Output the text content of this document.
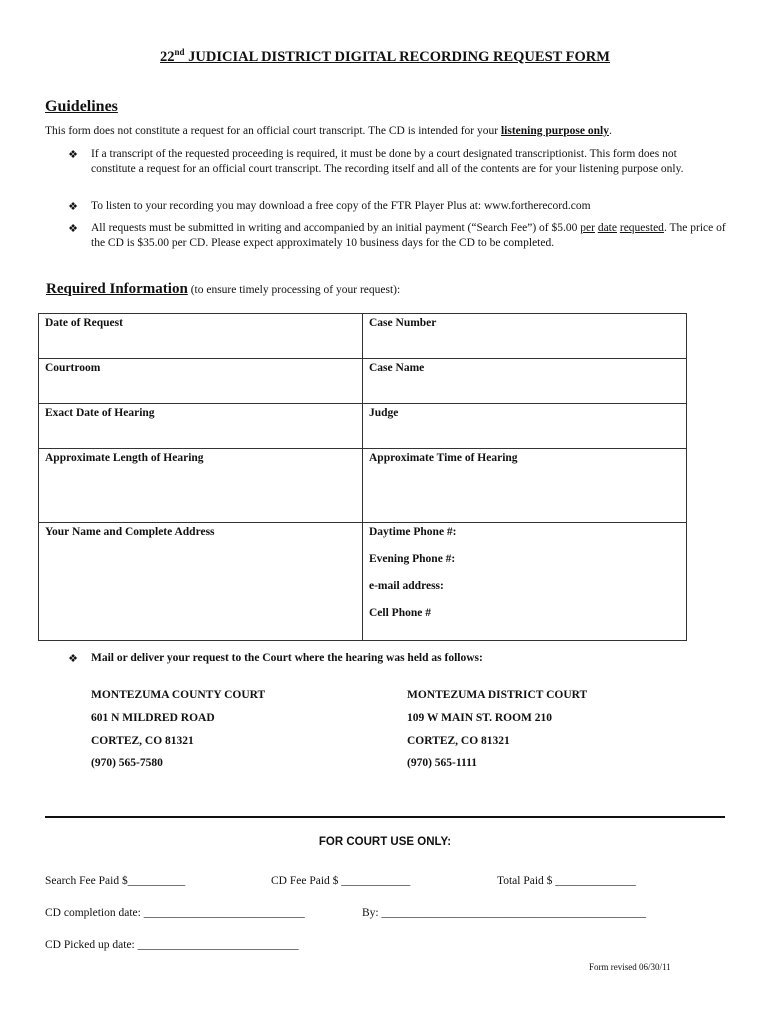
22nd JUDICIAL DISTRICT DIGITAL RECORDING REQUEST FORM
Guidelines
This form does not constitute a request for an official court transcript. The CD is intended for your listening purpose only.
❖ If a transcript of the requested proceeding is required, it must be done by a court designated transcriptionist. This form does not constitute a request for an official court transcript. The recording itself and all of the contents are for your listening purpose only.
❖ To listen to your recording you may download a free copy of the FTR Player Plus at: www.fortherecord.com
❖ All requests must be submitted in writing and accompanied by an initial payment (“Search Fee”) of $5.00 per date requested. The price of the CD is $35.00 per CD. Please expect approximately 10 business days for the CD to be completed.
Required Information (to ensure timely processing of your request):
Date of Request	Case Number
Courtroom	Case Name
Exact Date of Hearing	Judge
Approximate Length of Hearing	Approximate Time of Hearing
Your Name and Complete Address	Daytime Phone #:
Evening Phone #:
e-mail address:
Cell Phone #
❖ Mail or deliver your request to the Court where the hearing was held as follows:
MONTEZUMA COUNTY COURT
601 N MILDRED ROAD
CORTEZ, CO 81321
(970) 565-7580
MONTEZUMA DISTRICT COURT
109 W MAIN ST. ROOM 210
CORTEZ, CO 81321
(970) 565-1111
FOR COURT USE ONLY:
Search Fee Paid $__________	CD Fee Paid $ ____________	Total Paid $ ______________
CD completion date: ____________________________	By: ______________________________________________
CD Picked up date: ____________________________
Form revised 06/30/11
